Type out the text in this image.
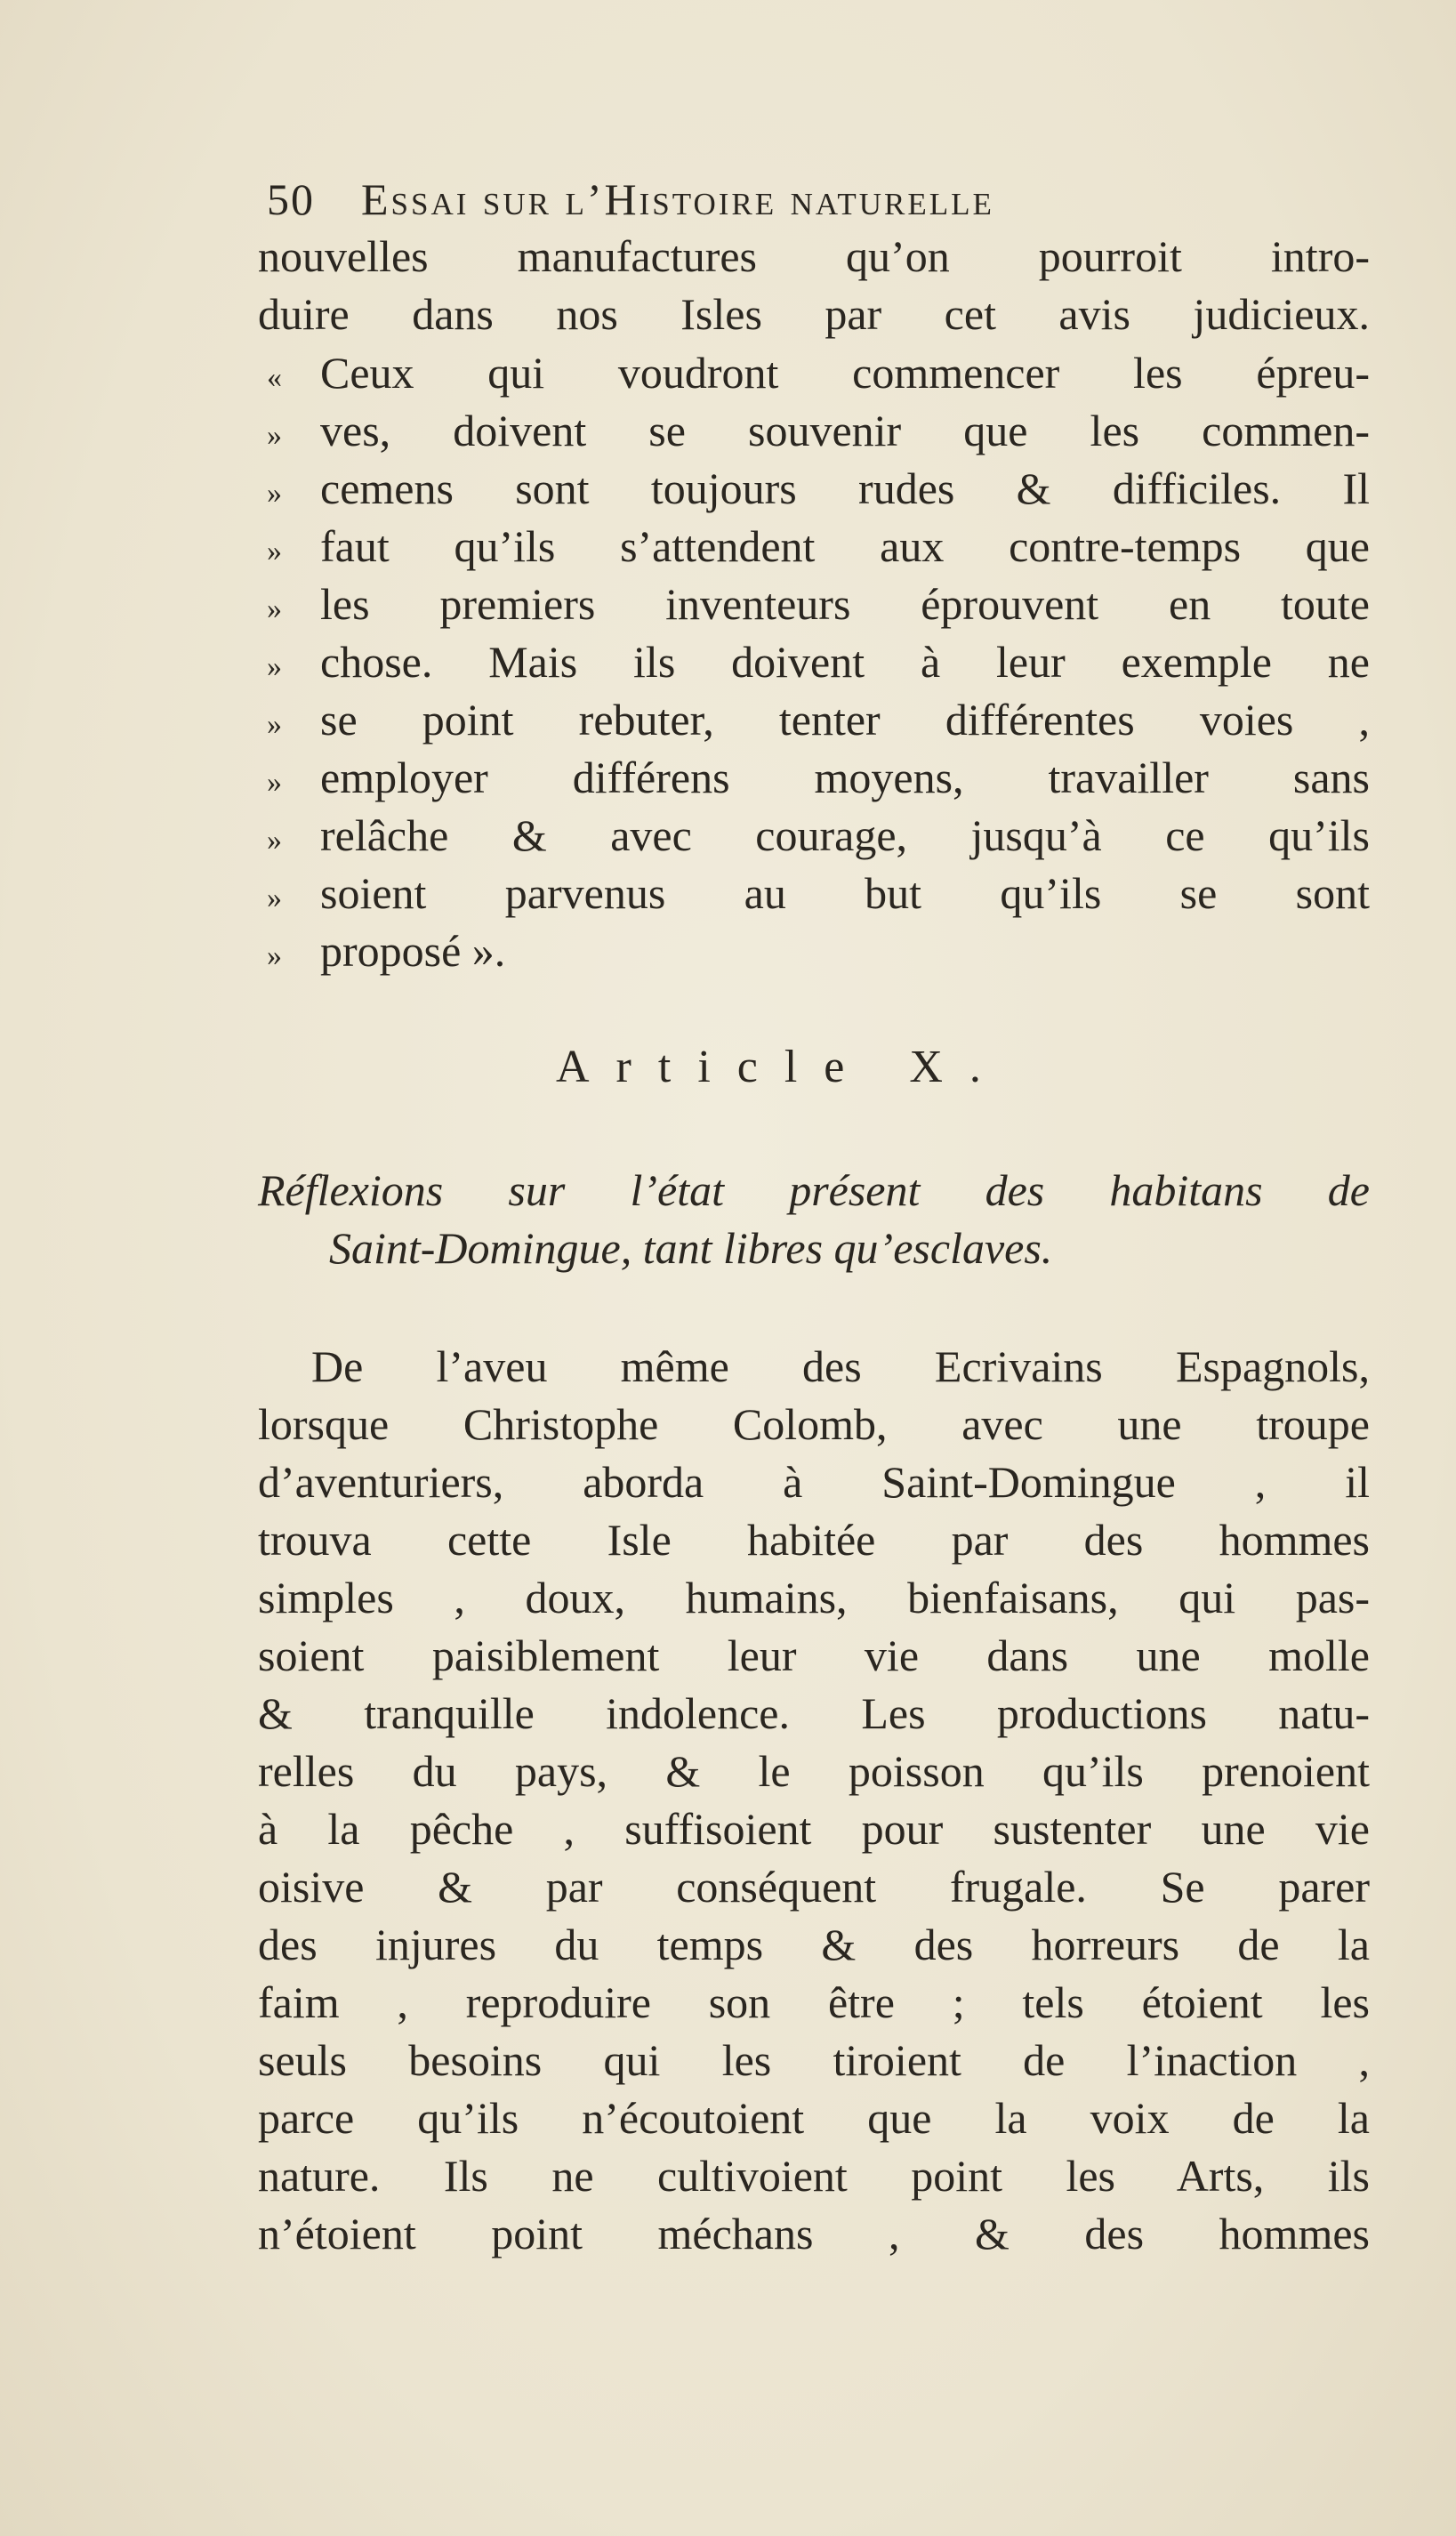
50 Essai sur l’Histoire naturelle
nouvelles manufactures qu’on pourroit intro-
duire dans nos Isles par cet avis judicieux.
« Ceux qui voudront commencer les épreu-
» ves, doivent se souvenir que les commen-
» cemens sont toujours rudes & difficiles. Il
» faut qu’ils s’attendent aux contre-temps que
» les premiers inventeurs éprouvent en toute
» chose. Mais ils doivent à leur exemple ne
» se point rebuter, tenter différentes voies ,
» employer différens moyens, travailler sans
» relâche & avec courage, jusqu’à ce qu’ils
» soient parvenus au but qu’ils se sont
» proposé ».
Article X.
Réflexions sur l’état présent des habitans de
Saint-Domingue, tant libres qu’esclaves.
De l’aveu même des Ecrivains Espagnols,
lorsque Christophe Colomb, avec une troupe
d’aventuriers, aborda à Saint-Domingue , il
trouva cette Isle habitée par des hommes
simples , doux, humains, bienfaisans, qui pas-
soient paisiblement leur vie dans une molle
& tranquille indolence. Les productions natu-
relles du pays, & le poisson qu’ils prenoient
à la pêche , suffisoient pour sustenter une vie
oisive & par conséquent frugale. Se parer
des injures du temps & des horreurs de la
faim , reproduire son être ; tels étoient les
seuls besoins qui les tiroient de l’inaction ,
parce qu’ils n’écoutoient que la voix de la
nature. Ils ne cultivoient point les Arts, ils
n’étoient point méchans , & des hommes
